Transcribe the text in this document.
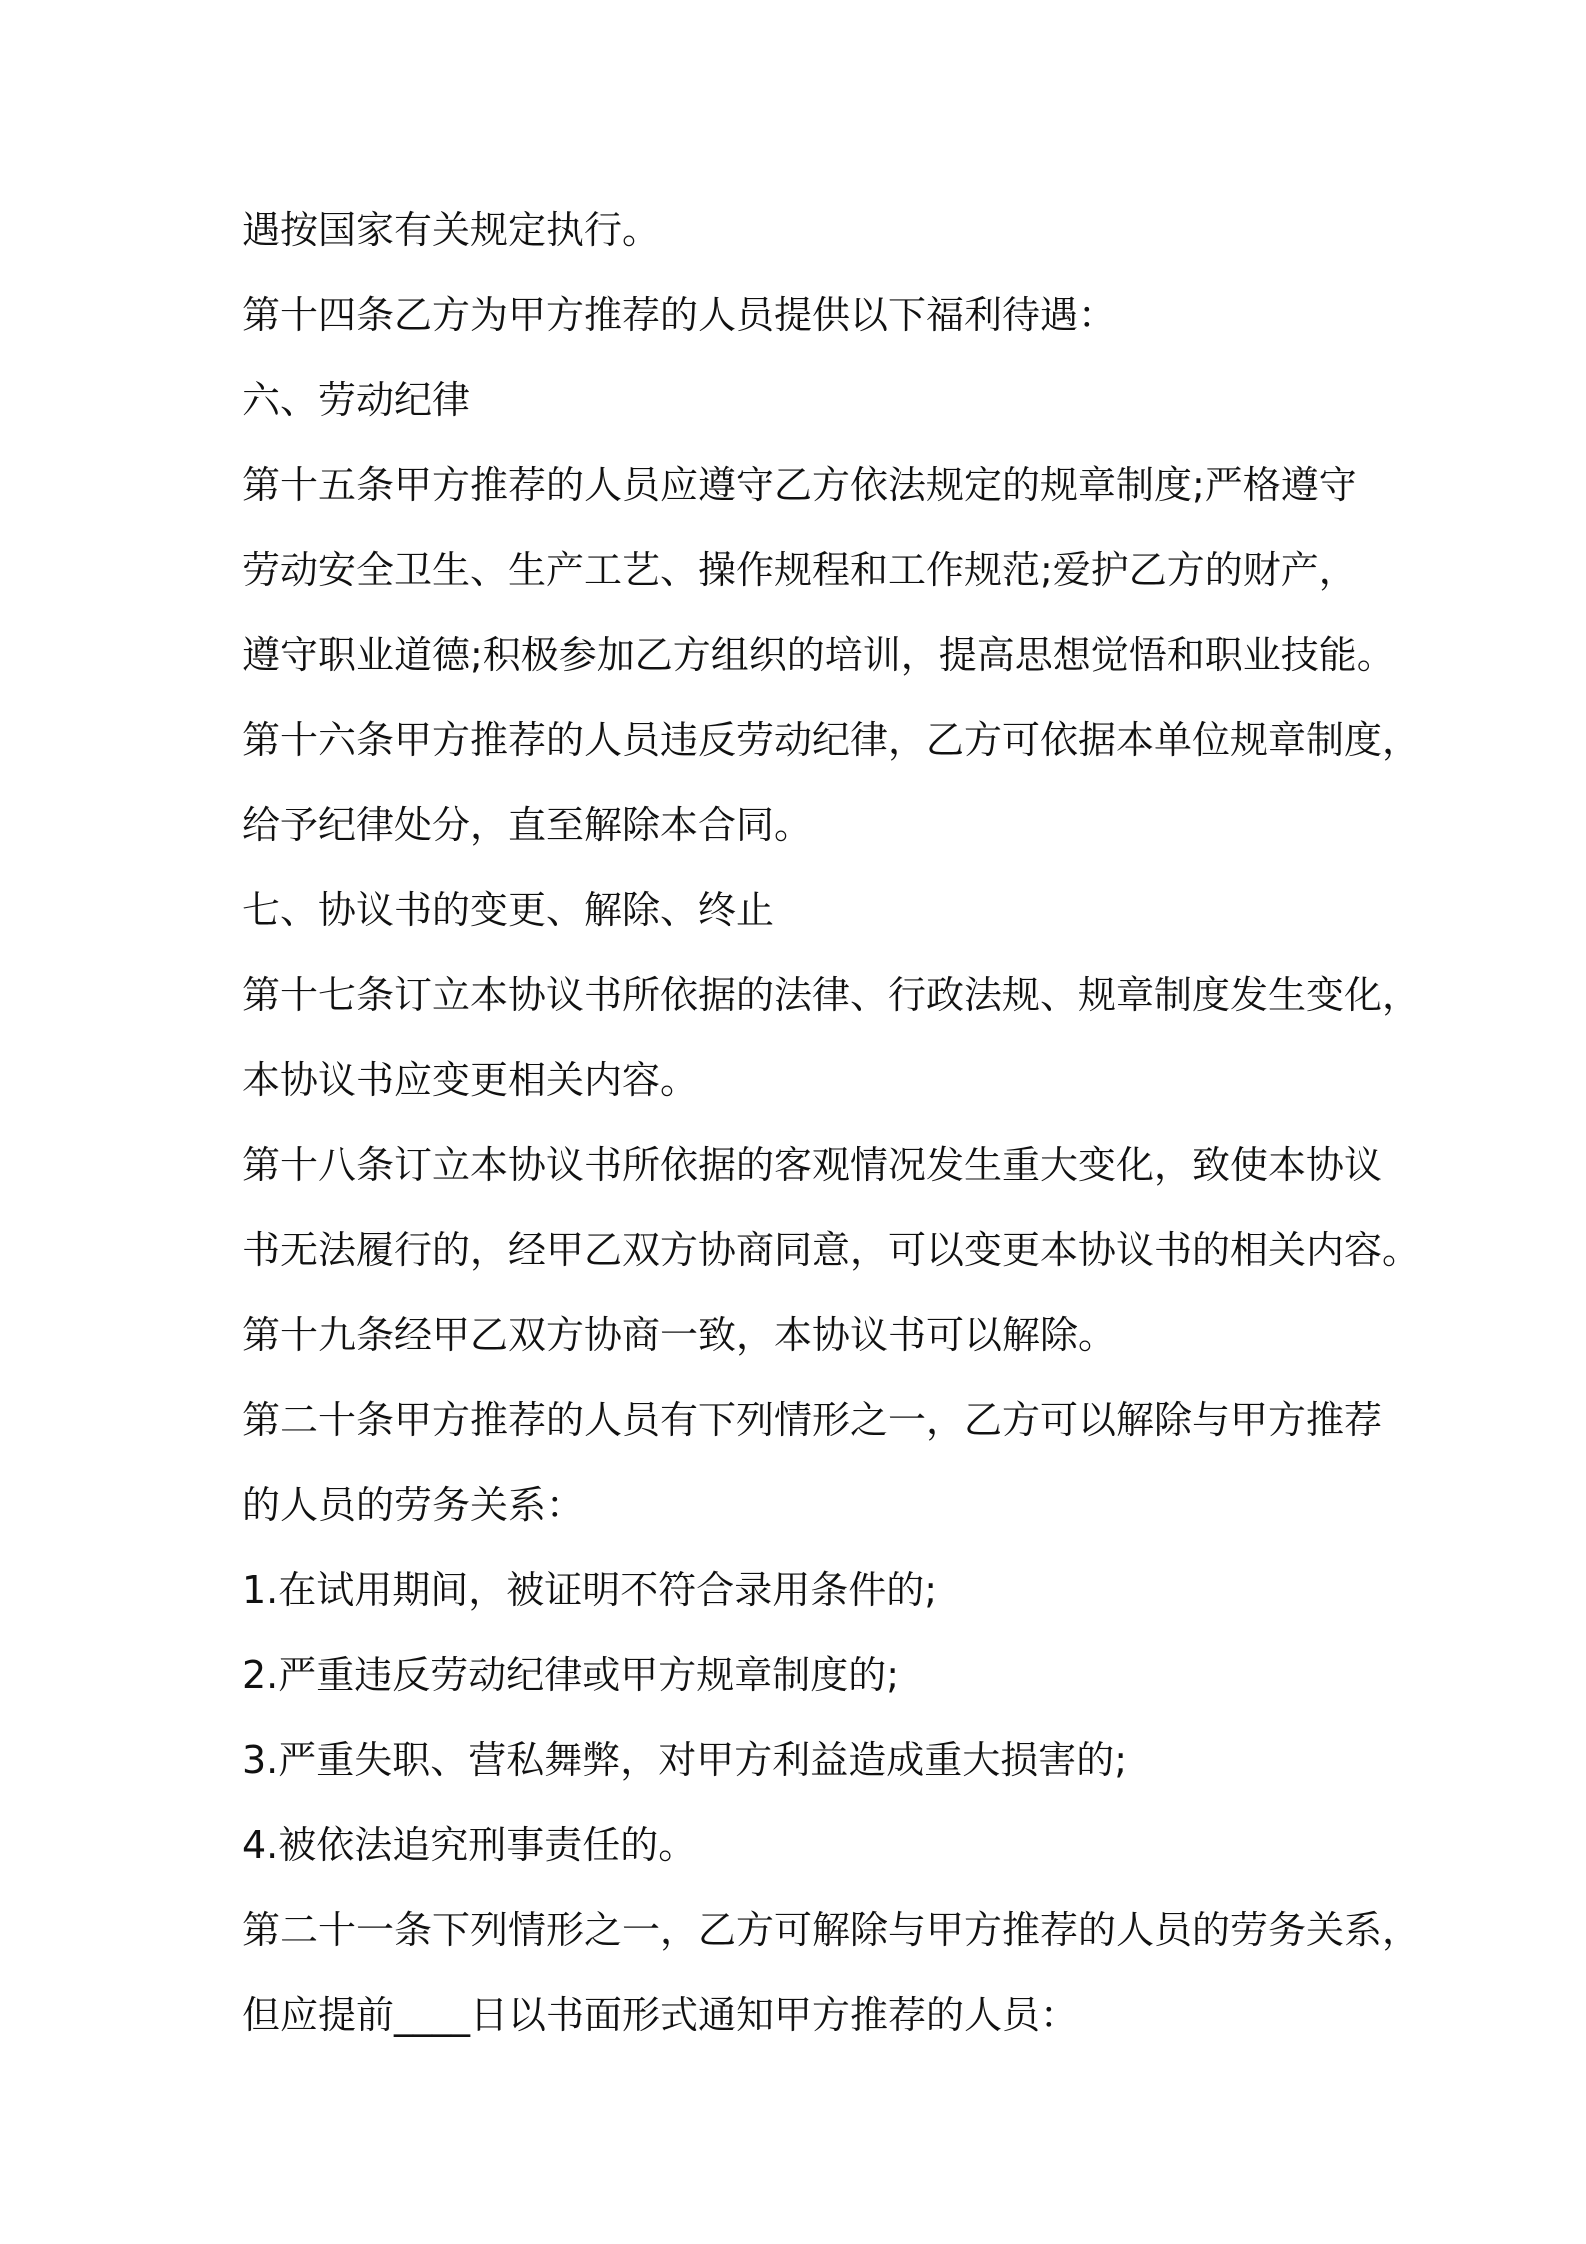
遇按国家有关规定执行。
第十四条乙方为甲方推荐的人员提供以下福利待遇：
六、劳动纪律
第十五条甲方推荐的人员应遵守乙方依法规定的规章制度;严格遵守
劳动安全卫生、生产工艺、操作规程和工作规范;爱护乙方的财产，
遵守职业道德;积极参加乙方组织的培训，提高思想觉悟和职业技能。
第十六条甲方推荐的人员违反劳动纪律，乙方可依据本单位规章制度，
给予纪律处分，直至解除本合同。
七、协议书的变更、解除、终止
第十七条订立本协议书所依据的法律、行政法规、规章制度发生变化，
本协议书应变更相关内容。
第十八条订立本协议书所依据的客观情况发生重大变化，致使本协议
书无法履行的，经甲乙双方协商同意，可以变更本协议书的相关内容。
第十九条经甲乙双方协商一致，本协议书可以解除。
第二十条甲方推荐的人员有下列情形之一，乙方可以解除与甲方推荐
的人员的劳务关系：
1.在试用期间，被证明不符合录用条件的;
2.严重违反劳动纪律或甲方规章制度的;
3.严重失职、营私舞弊，对甲方利益造成重大损害的;
4.被依法追究刑事责任的。
第二十一条下列情形之一，乙方可解除与甲方推荐的人员的劳务关系，
但应提前____日以书面形式通知甲方推荐的人员：
